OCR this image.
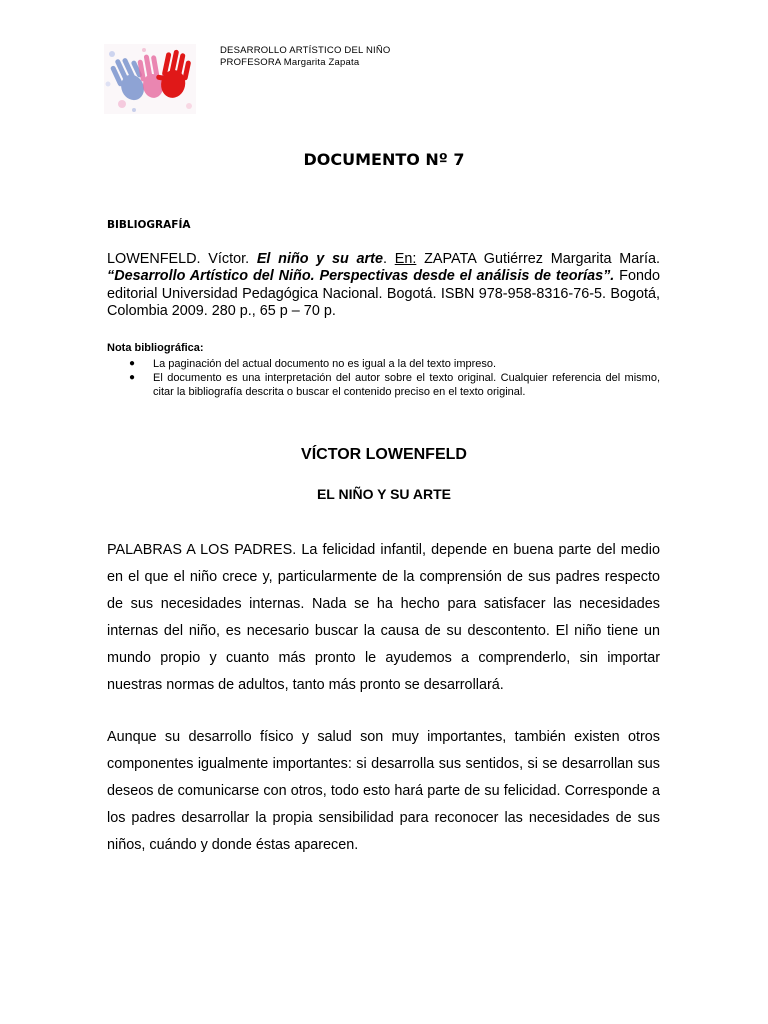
DESARROLLO ARTÍSTICO DEL NIÑO
PROFESORA Margarita Zapata
DOCUMENTO Nº 7
BIBLIOGRAFÍA
LOWENFELD. Víctor. El niño y su arte. En: ZAPATA Gutiérrez Margarita María. “Desarrollo Artístico del Niño. Perspectivas desde el análisis de teorías”. Fondo editorial Universidad Pedagógica Nacional. Bogotá. ISBN 978-958-8316-76-5. Bogotá, Colombia 2009. 280 p., 65 p – 70 p.
Nota bibliográfica:
● La paginación del actual documento no es igual a la del texto impreso.
● El documento es una interpretación del autor sobre el texto original. Cualquier referencia del mismo, citar la bibliografía descrita o buscar el contenido preciso en el texto original.
VÍCTOR LOWENFELD
EL NIÑO Y SU ARTE

PALABRAS A LOS PADRES. La felicidad infantil, depende en buena parte del medio en el que el niño crece y, particularmente de la comprensión de sus padres respecto de sus necesidades internas. Nada se ha hecho para satisfacer las necesidades internas del niño, es necesario buscar la causa de su descontento. El niño tiene un mundo propio y cuanto más pronto le ayudemos a comprenderlo, sin importar nuestras normas de adultos, tanto más pronto se desarrollará.

Aunque su desarrollo físico y salud son muy importantes, también existen otros componentes igualmente importantes: si desarrolla sus sentidos, si se desarrollan sus deseos de comunicarse con otros, todo esto hará parte de su felicidad. Corresponde a los padres desarrollar la propia sensibilidad para reconocer las necesidades de sus niños, cuándo y donde éstas aparecen.
